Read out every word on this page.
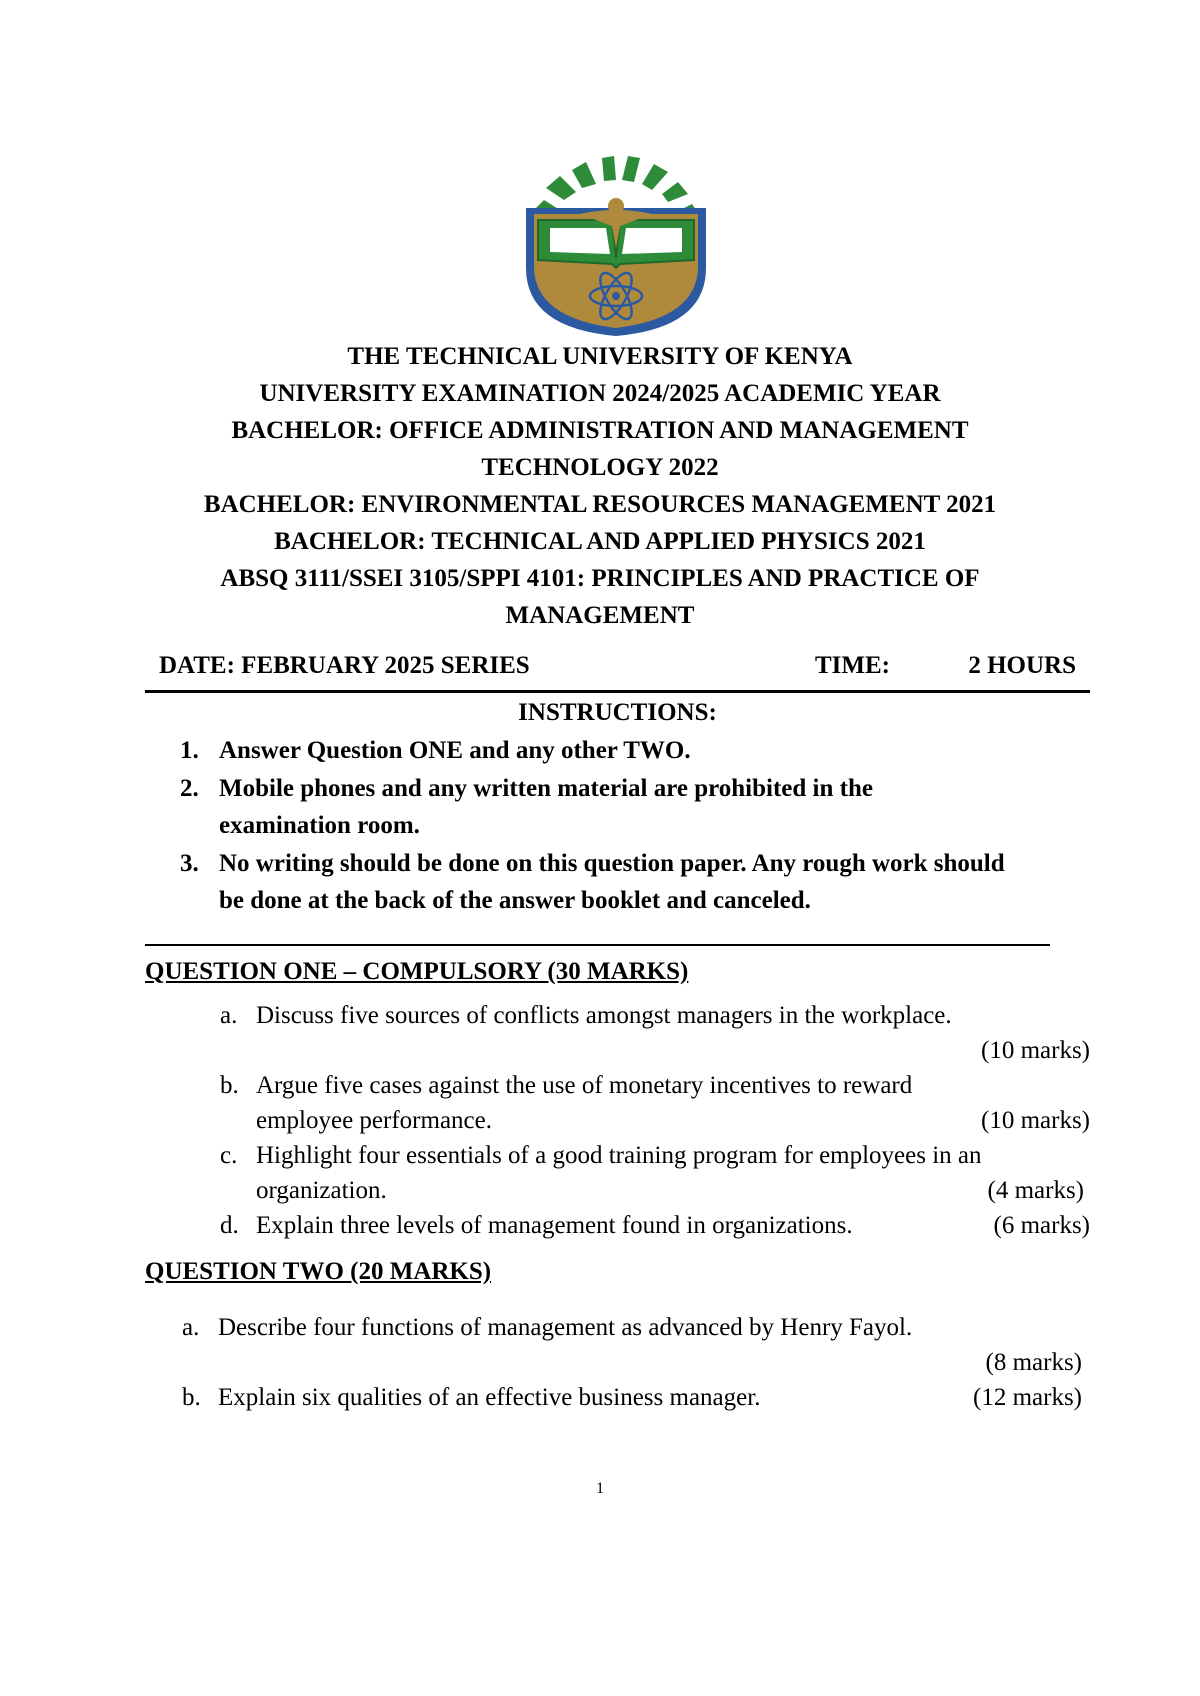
THE TECHNICAL UNIVERSITY OF KENYA
UNIVERSITY EXAMINATION 2024/2025 ACADEMIC YEAR
BACHELOR: OFFICE ADMINISTRATION AND MANAGEMENT
TECHNOLOGY 2022
BACHELOR: ENVIRONMENTAL RESOURCES MANAGEMENT 2021
BACHELOR: TECHNICAL AND APPLIED PHYSICS 2021
ABSQ 3111/SSEI 3105/SPPI 4101: PRINCIPLES AND PRACTICE OF
MANAGEMENT
DATE: FEBRUARY 2025 SERIES	TIME:	2 HOURS
INSTRUCTIONS:
1. Answer Question ONE and any other TWO.
2. Mobile phones and any written material are prohibited in the examination room.
3. No writing should be done on this question paper. Any rough work should be done at the back of the answer booklet and canceled.
QUESTION ONE – COMPULSORY (30 MARKS)
a. Discuss five sources of conflicts amongst managers in the workplace.
(10 marks)
b. Argue five cases against the use of monetary incentives to reward
employee performance.	(10 marks)
c. Highlight four essentials of a good training program for employees in an
organization.	(4 marks)
d. Explain three levels of management found in organizations.	(6 marks)
QUESTION TWO (20 MARKS)
a. Describe four functions of management as advanced by Henry Fayol.
(8 marks)
b. Explain six qualities of an effective business manager.	(12 marks)
1
